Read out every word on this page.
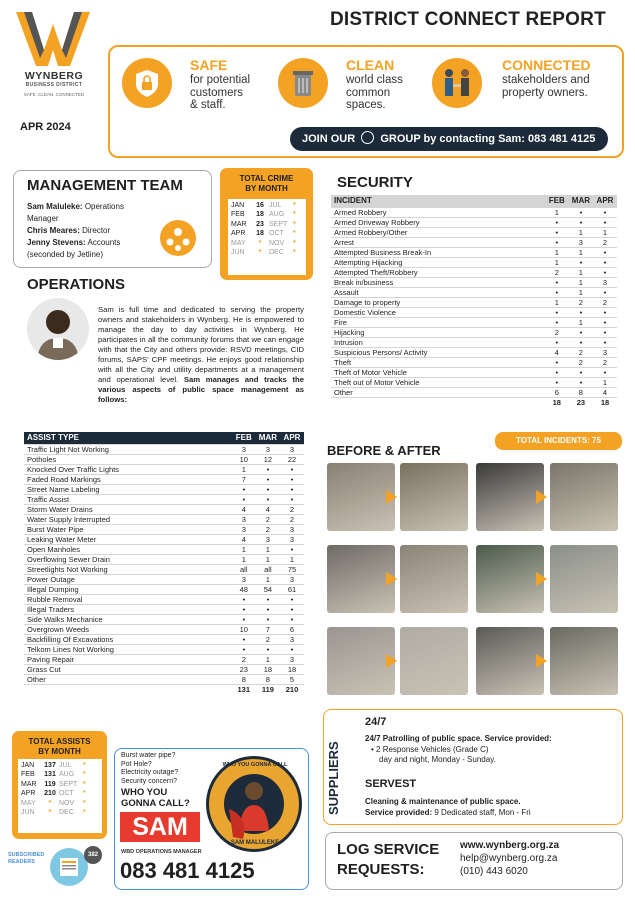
WYNBERG
BUSINESS DISTRICT
SAFE. CLEAN. CONNECTED
APR 2024
DISTRICT CONNECT REPORT
SAFE
for potential
customers
& staff.
CLEAN
world class
common
spaces.
CONNECTED
stakeholders and
property owners.
JOIN OUR GROUP by contacting Sam: 083 481 4125
MANAGEMENT TEAM
Sam Maluleke: Operations Manager
Chris Meares: Director
Jenny Stevens: Accounts
(seconded by Jetline)
TOTAL CRIME
BY MONTH
JAN	16 JUL	*
FEB	18 AUG	*
MAR	23 SEPT *
APR	18 OCT	*
MAY	*	NOV	*
JUN	*	DEC	*
SECURITY
INCIDENT	FEB	MAR	APR
Armed Robbery	1	•	•
Armed Driveway Robbery	•	•	•
Armed Robbery/Other	•	1	1
Arrest	•	3	2
Attempted Business Break-In	1	1	•
Attempting Hijacking	1	•	•
Attempted Theft/Robbery	2	1	•
Break in/business	•	1	3
Assault	•	1	•
Damage to property	1	2	2
Domestic Violence	•	•	•
Fire	•	1	•
Hijacking	2	•	•
Intrusion	•	•	•
Suspicious Persons/ Activity	4	2	3
Theft	•	2	2
Theft of Motor Vehicle	•	•	•
Theft out of Motor Vehicle	•	•	1
Other	6	8	4
	18	23	18
TOTAL INCIDENTS: 75
OPERATIONS
Sam is full time and dedicated to serving the property owners and stakeholders in Wynberg. He is empowered to manage the day to day activities in Wynberg. He participates in all the community forums that we can engage with that the City and others provide: RSVD meetings, CID forums, SAPS' CPF meetings. He enjoys good relationship with all the City and utility departments at a management and operational level. Sam manages and tracks the various aspects of public space management as follows:
ASSIST TYPE	FEB	MAR	APR
Traffic Light Not Working	3	3	3
Potholes	10	12	22
Knocked Over Traffic Lights	1	•	•
Faded Road Markings	7	•	•
Street Name Labeling	•	•	•
Traffic Assist	•	•	•
Storm Water Drains	4	4	2
Water Supply Interrupted	3	2	2
Burst Water Pipe	3	2	3
Leaking Water Meter	4	3	3
Open Manholes	1	1	•
Overflowing Sewer Drain	1	1	1
Streetlights Not Working	all	all	75
Power Outage	3	1	3
Illegal Dumping	48	54	61
Rubble Removal	•	•	•
Illegal Traders	•	•	•
Side Walks Mechanice	•	•	•
Overgrown Weeds	10	7	6
Backfilling Of Excavations	•	2	3
Telkom Lines Not Working	•	•	•
Paving Repair	2	1	3
Grass Cut	23	18	18
Other	8	8	5
	131	119	210
BEFORE & AFTER
TOTAL ASSISTS
BY MONTH
JAN	137 JUL	*
FEB	131 AUG	*
MAR	119 SEPT *
APR	210 OCT	*
MAY	*	NOV	*
JUN	*	DEC	*
SUBSCRIBED READERS
382
Burst water pipe?
Pot Hole?
Electricity outage?
Security concern?
WHO YOU GONNA CALL?
SAM
WBD OPERATIONS MANAGER
083 481 4125
SAM MALULEKE
WHO YOU GONNA CALL	SUPPLIERS
24/7
24/7 Patrolling of public space. Service provided:
• 2 Response Vehicles (Grade C)
day and night, Monday - Sunday.
SERVEST
Cleaning & maintenance of public space.
Service provided: 9 Dedicated staff, Mon - Fri
LOG SERVICE
REQUESTS:
www.wynberg.org.za
help@wynberg.org.za
(010) 443 6020
